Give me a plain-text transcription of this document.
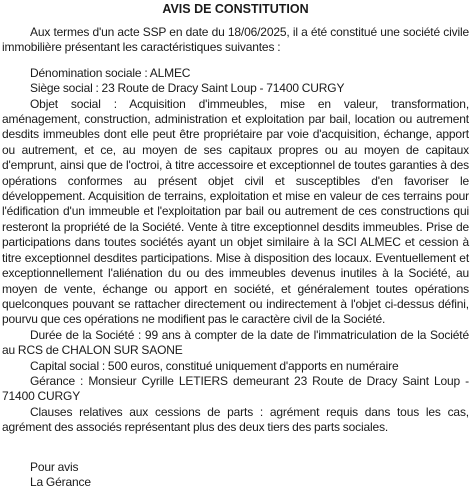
AVIS DE CONSTITUTION

Aux termes d'un acte SSP en date du 18/06/2025, il a été constitué une société civile immobilière présentant les caractéristiques suivantes :

Dénomination sociale : ALMEC

Siège social : 23 Route de Dracy Saint Loup - 71400 CURGY

Objet social : Acquisition d'immeubles, mise en valeur, transformation, aménagement, construction, administration et exploitation par bail, location ou autrement desdits immeubles dont elle peut être propriétaire par voie d'acquisition, échange, apport ou autrement, et ce, au moyen de ses capitaux propres ou au moyen de capitaux d'emprunt, ainsi que de l'octroi, à titre accessoire et exceptionnel de toutes garanties à des opérations conformes au présent objet civil et susceptibles d'en favoriser le développement. Acquisition de terrains, exploitation et mise en valeur de ces terrains pour l'édification d'un immeuble et l'exploitation par bail ou autrement de ces constructions qui resteront la propriété de la Société. Vente à titre exceptionnel desdits immeubles. Prise de participations dans toutes sociétés ayant un objet similaire à la SCI ALMEC et cession à titre exceptionnel desdites participations. Mise à disposition des locaux. Eventuellement et exceptionnellement l'aliénation du ou des immeubles devenus inutiles à la Société, au moyen de vente, échange ou apport en société, et généralement toutes opérations quelconques pouvant se rattacher directement ou indirectement à l'objet ci-dessus défini, pourvu que ces opérations ne modifient pas le caractère civil de la Société.

Durée de la Société : 99 ans à compter de la date de l'immatriculation de la Société au RCS de CHALON SUR SAONE

Capital social : 500 euros, constitué uniquement d'apports en numéraire

Gérance : Monsieur Cyrille LETIERS demeurant 23 Route de Dracy Saint Loup - 71400 CURGY

Clauses relatives aux cessions de parts : agrément requis dans tous les cas, agrément des associés représentant plus des deux tiers des parts sociales.

Pour avis

La Gérance
